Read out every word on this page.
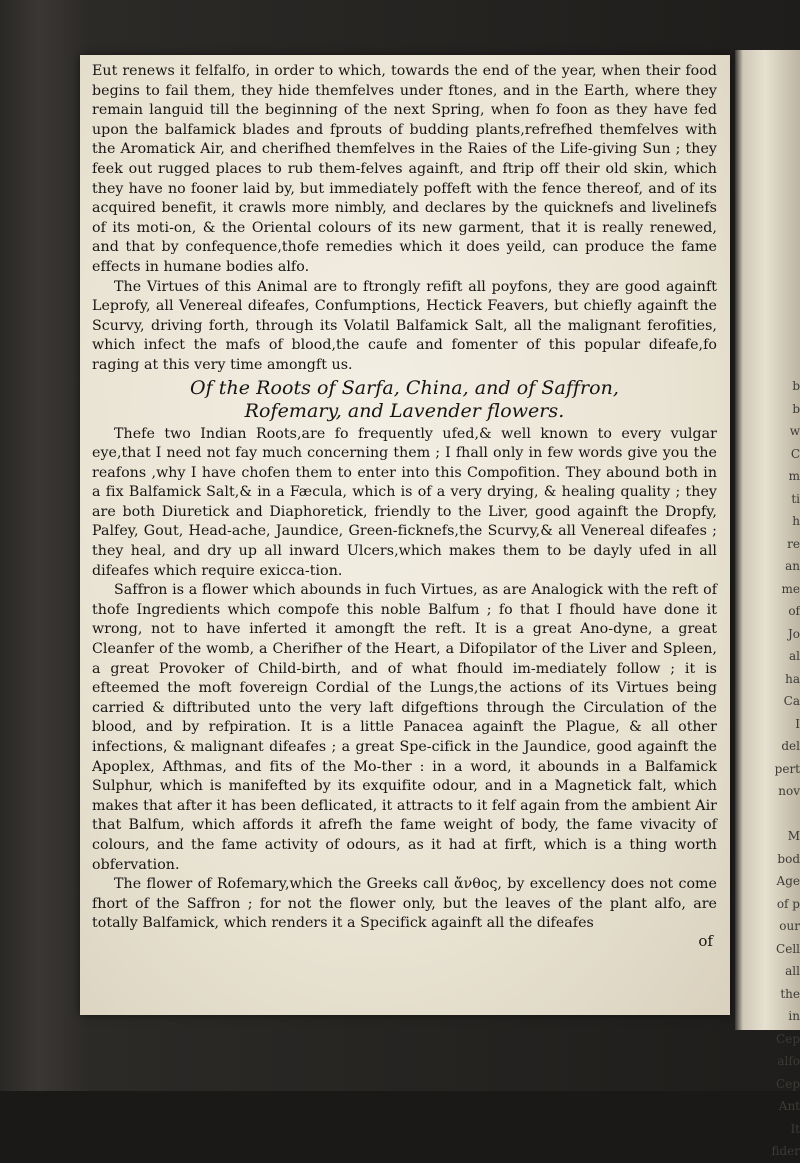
b
b
w
C
m
ti
h
re
an
me
of
Jo
al
ha
Ca
I
del
pert
nov

M
bod
Age
of p
our
Cell
all
the
in
Cep
alfo
Cep
Ant
It
fider

Eut renews it felfalfo, in order to which, towards the end of the year, when their food begins to fail them, they hide themfelves under ftones, and in the Earth, where they remain languid till the beginning of the next Spring, when fo foon as they have fed upon the balfamick blades and fprouts of budding plants,refrefhed themfelves with the Aromatick Air, and cherifhed themfelves in the Raies of the Life-giving Sun ; they feek out rugged places to rub them-felves againft, and ftrip off their old skin, which they have no fooner laid by, but immediately poffeft with the fence thereof, and of its acquired benefit, it crawls more nimbly, and declares by the quicknefs and livelinefs of its moti-on, & the Oriental colours of its new garment, that it is really renewed, and that by confequence,thofe remedies which it does yeild, can produce the fame effects in humane bodies alfo.

The Virtues of this Animal are to ftrongly refift all poyfons, they are good againft Leprofy, all Venereal difeafes, Confumptions, Hectick Feavers, but chiefly againft the Scurvy, driving forth, through its Volatil Balfamick Salt, all the malignant ferofities, which infect the mafs of blood,the caufe and fomenter of this popular difeafe,fo raging at this very time amongft us.

Of the Roots of Sarfa, China, and of Saffron,
Rofemary, and Lavender flowers.

Thefe two Indian Roots,are fo frequently ufed,& well known to every vulgar eye,that I need not fay much concerning them ; I fhall only in few words give you the reafons ,why I have chofen them to enter into this Compofition. They abound both in a fix Balfamick Salt,& in a Fæcula, which is of a very drying, & healing quality ; they are both Diuretick and Diaphoretick, friendly to the Liver, good againft the Dropfy, Palfey, Gout, Head-ache, Jaundice, Green-ficknefs,the Scurvy,& all Venereal difeafes ; they heal, and dry up all inward Ulcers,which makes them to be dayly ufed in all difeafes which require exicca-tion.

Saffron is a flower which abounds in fuch Virtues, as are Analogick with the reft of thofe Ingredients which compofe this noble Balfum ; fo that I fhould have done it wrong, not to have inferted it amongft the reft. It is a great Ano-dyne, a great Cleanfer of the womb, a Cherifher of the Heart, a Difopilator of the Liver and Spleen, a great Provoker of Child-birth, and of what fhould im-mediately follow ; it is efteemed the moft fovereign Cordial of the Lungs,the actions of its Virtues being carried & diftributed unto the very laft difgeftions through the Circulation of the blood, and by refpiration. It is a little Panacea againft the Plague, & all other infections, & malignant difeafes ; a great Spe-cifick in the Jaundice, good againft the Apoplex, Afthmas, and fits of the Mo-ther : in a word, it abounds in a Balfamick Sulphur, which is manifefted by its exquifite odour, and in a Magnetick falt, which makes that after it has been deflicated, it attracts to it felf again from the ambient Air that Balfum, which affords it afrefh the fame weight of body, the fame vivacity of colours, and the fame activity of odours, as it had at firft, which is a thing worth obfervation.

The flower of Rofemary,which the Greeks call ἄνθος, by excellency does not come fhort of the Saffron ; for not the flower only, but the leaves of the plant alfo, are totally Balfamick, which renders it a Specifick againft all the difeafes

of
